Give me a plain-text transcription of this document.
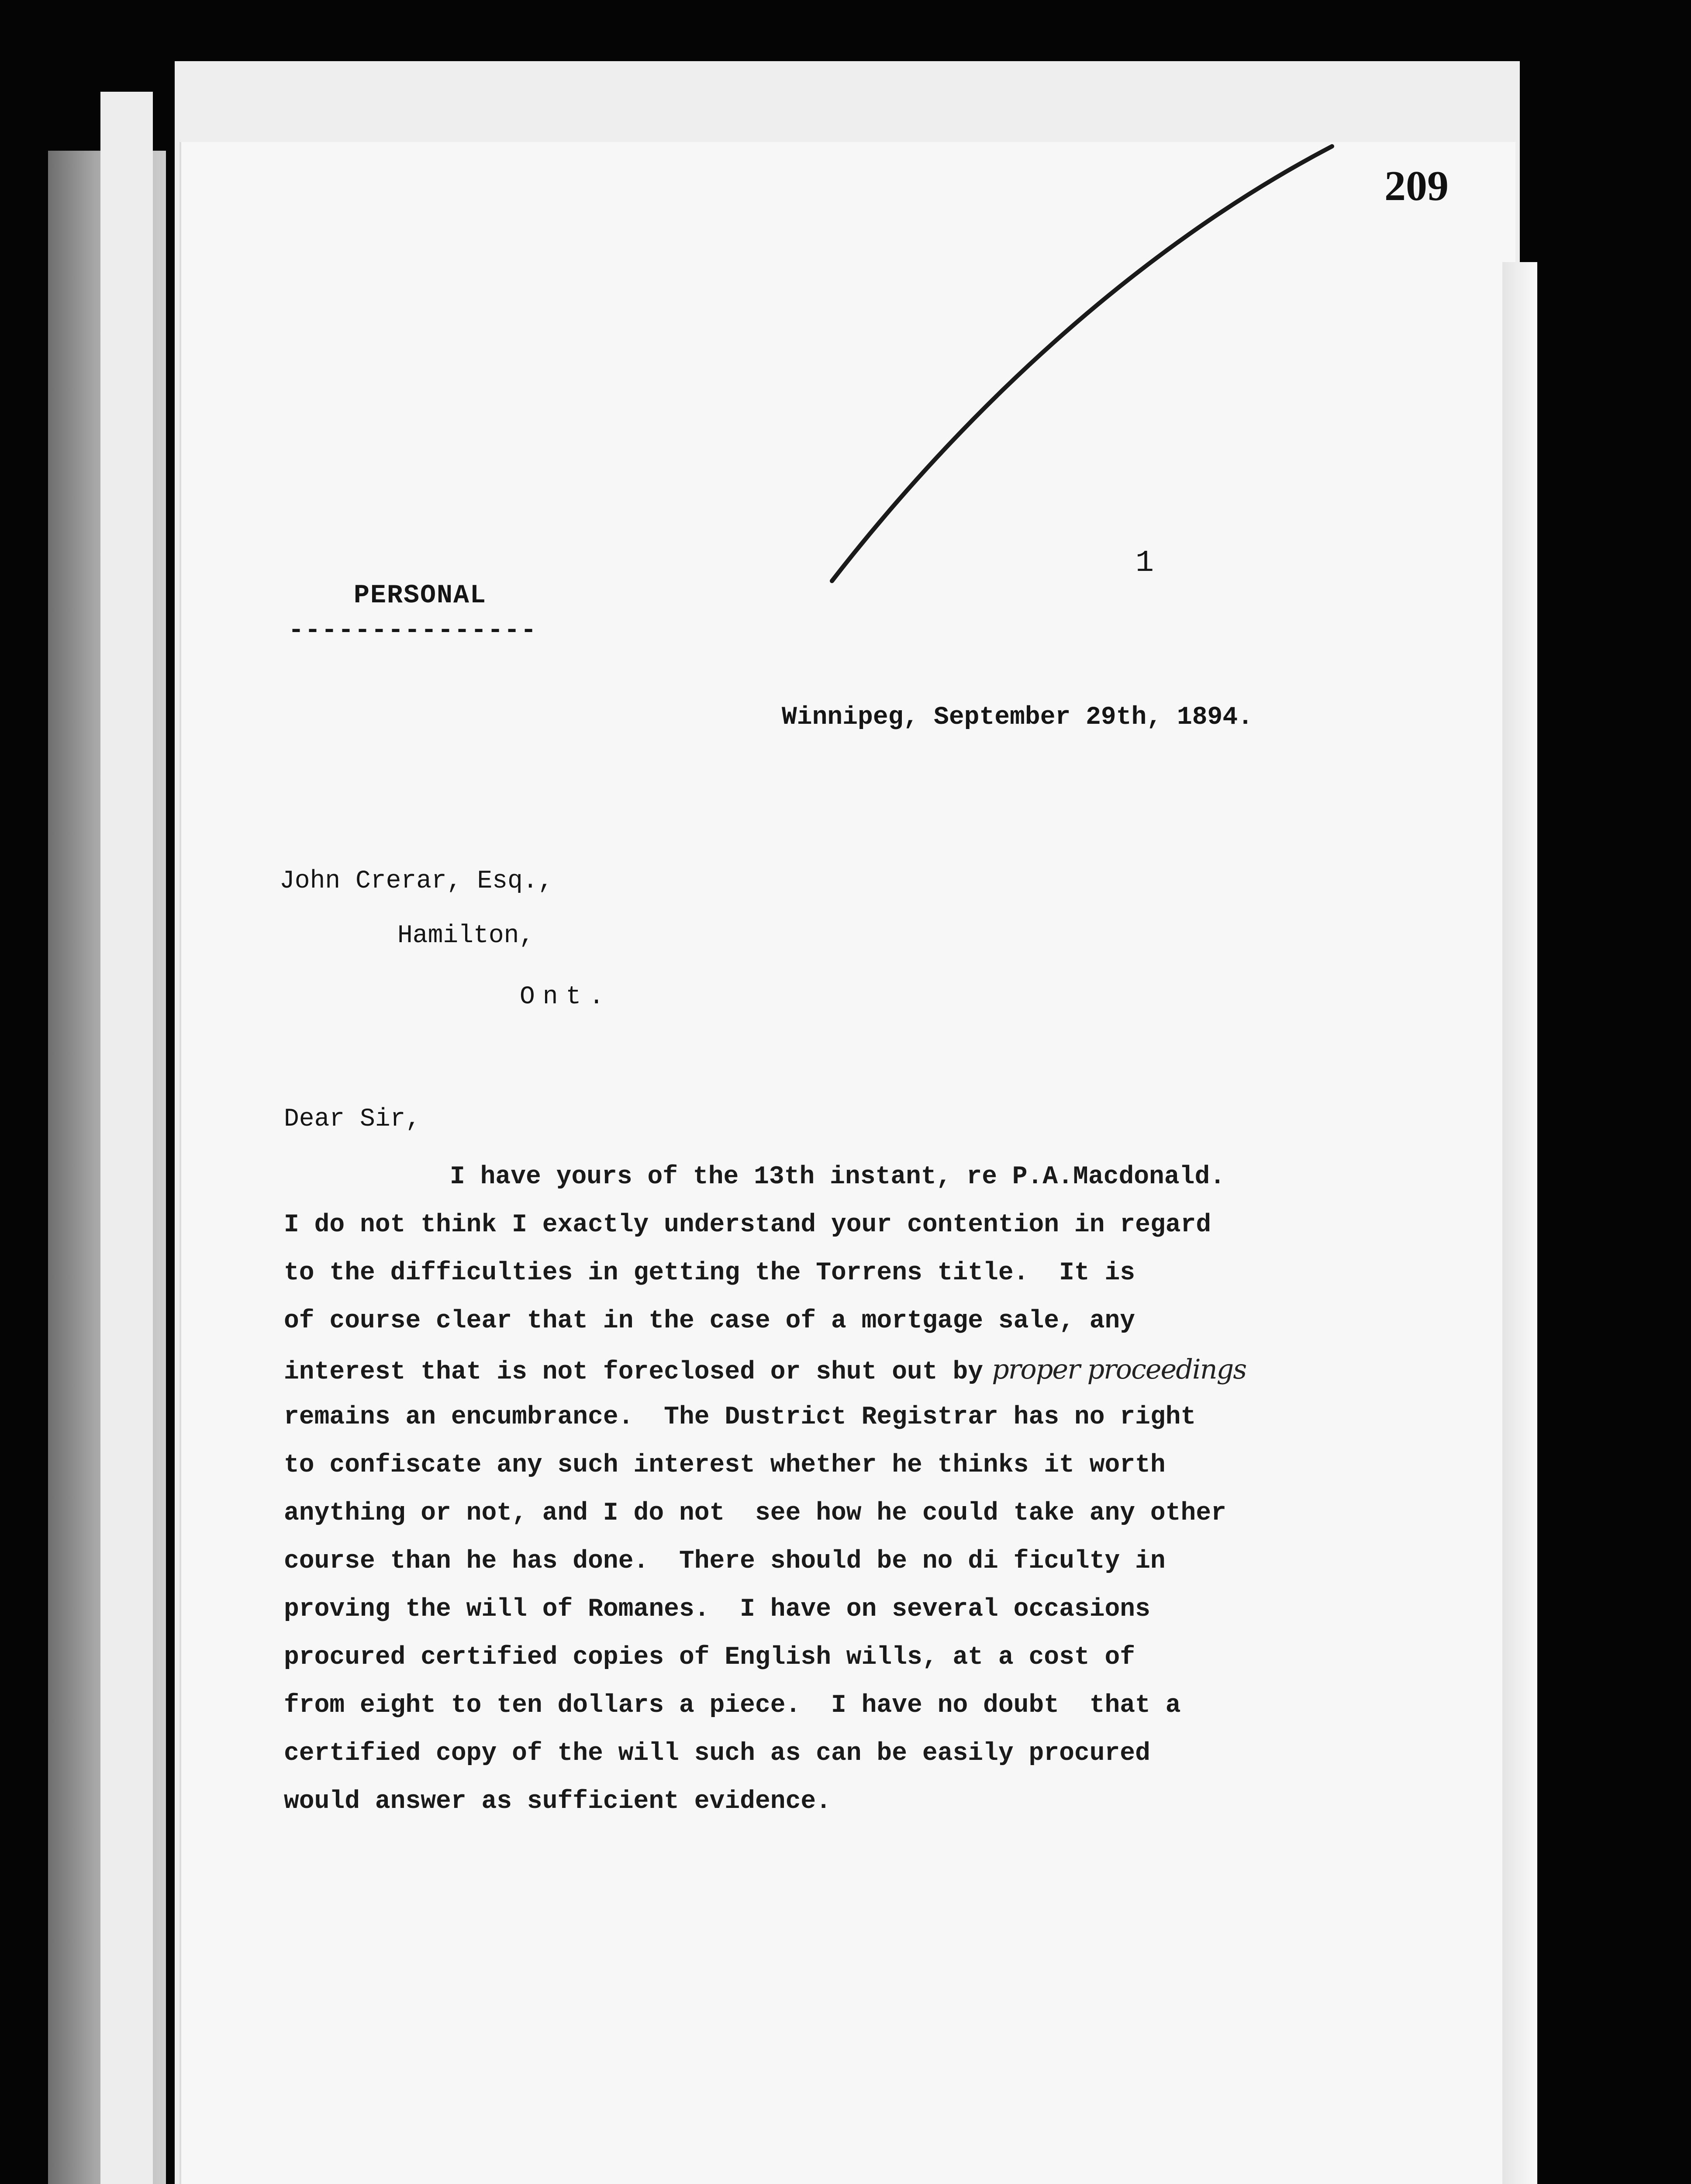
209
1
PERSONAL
---------------
Winnipeg, September 29th, 1894.
John Crerar, Esq.,
Hamilton,
Ont.
Dear Sir,
I have yours of the 13th instant, re P.A.Macdonald.
I do not think I exactly understand your contention in regard
to the difficulties in getting the Torrens title.  It is
of course clear that in the case of a mortgage sale, any
interest that is not foreclosed or shut out by proper proceedings
remains an encumbrance.  The Dustrict Registrar has no right
to confiscate any such interest whether he thinks it worth
anything or not, and I do not  see how he could take any other
course than he has done.  There should be no di ficulty in
proving the will of Romanes.  I have on several occasions
procured certified copies of English wills, at a cost of
from eight to ten dollars a piece.  I have no doubt  that a
certified copy of the will such as can be easily procured
would answer as sufficient evidence.
